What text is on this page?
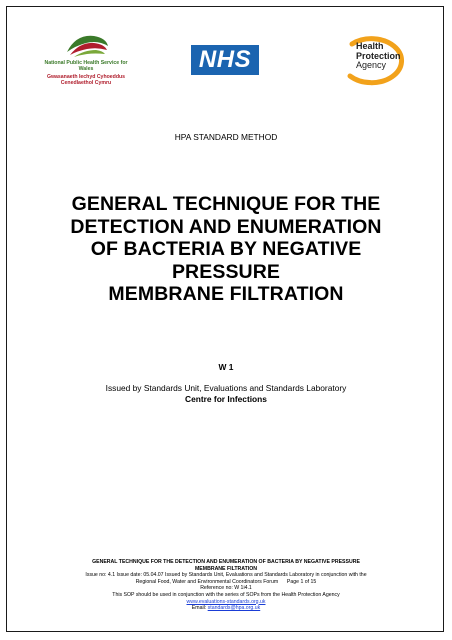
National Public Health Service for Wales
Gwasanaeth Iechyd Cyhoeddus Cenedlaethol Cymru
NHS	Health
Protection
Agency
HPA STANDARD METHOD
GENERAL TECHNIQUE FOR THE
DETECTION AND ENUMERATION
OF BACTERIA BY NEGATIVE
PRESSURE
MEMBRANE FILTRATION
W 1
Issued by Standards Unit, Evaluations and Standards Laboratory
Centre for Infections
GENERAL TECHNIQUE FOR THE DETECTION AND ENUMERATION OF BACTERIA BY NEGATIVE PRESSURE
MEMBRANE FILTRATION
Issue no: 4.1 Issue date: 05.04.07 Issued by Standards Unit, Evaluations and Standards Laboratory in conjunction with the
Regional Food, Water and Environmental Coordinators Forum Page 1 of 15
Reference no: W 1i4.1
This SOP should be used in conjunction with the series of SOPs from the Health Protection Agency
www.evaluations-standards.org.uk
Email: standards@hpa.org.uk
